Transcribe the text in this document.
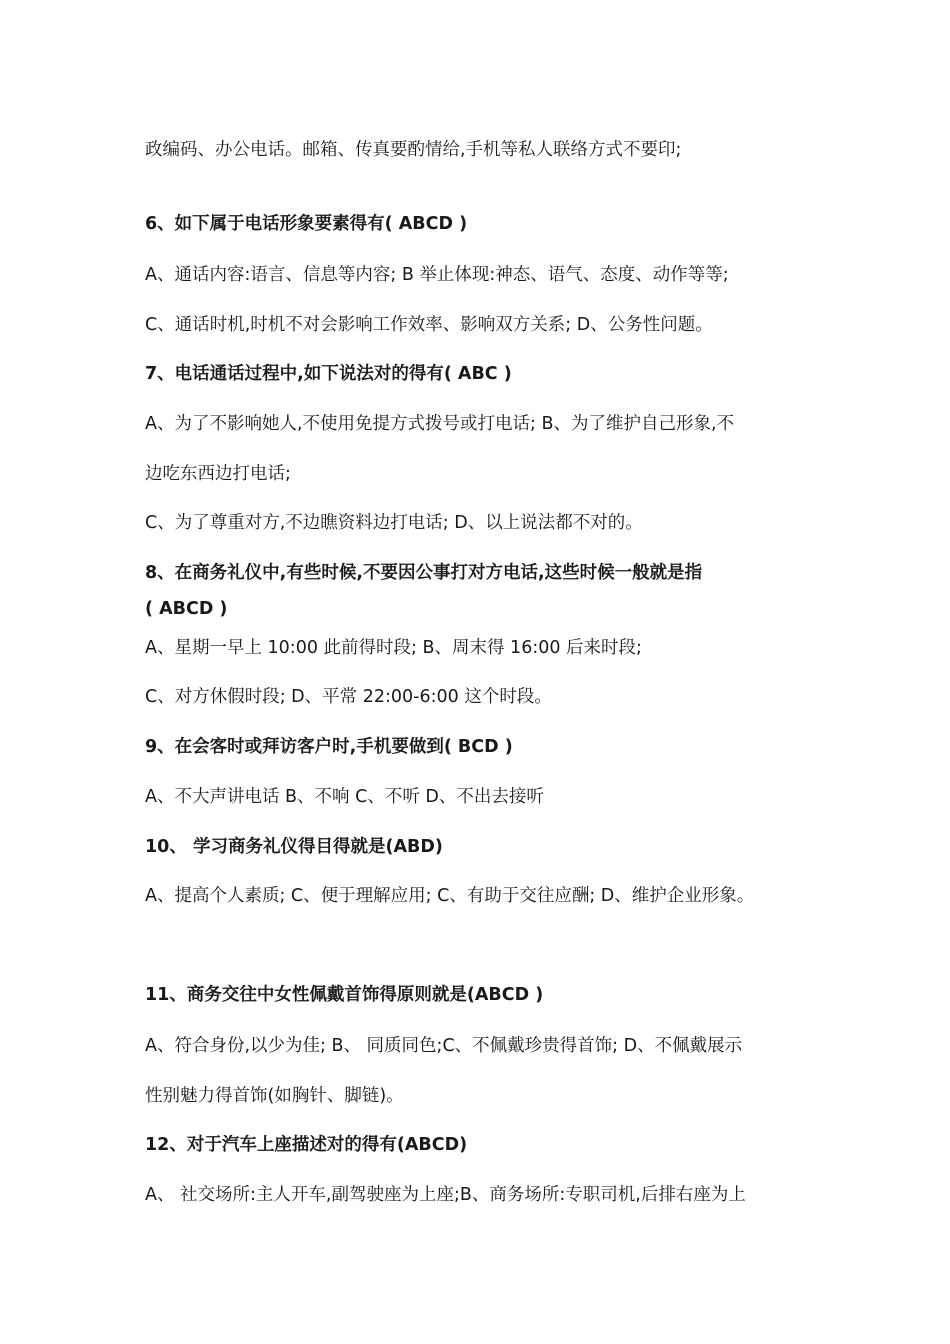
政编码、办公电话。邮箱、传真要酌情给,手机等私人联络方式不要印;
6、如下属于电话形象要素得有( ABCD )
A、通话内容:语言、信息等内容; B 举止体现:神态、语气、态度、动作等等;
C、通话时机,时机不对会影响工作效率、影响双方关系; D、公务性问题。
7、电话通话过程中,如下说法对的得有( ABC )
A、为了不影响她人,不使用免提方式拨号或打电话; B、为了维护自己形象,不
边吃东西边打电话;
C、为了尊重对方,不边瞧资料边打电话; D、以上说法都不对的。
8、在商务礼仪中,有些时候,不要因公事打对方电话,这些时候一般就是指
( ABCD )
A、星期一早上 10:00 此前得时段; B、周末得 16:00 后来时段;
C、对方休假时段; D、平常 22:00-6:00 这个时段。
9、在会客时或拜访客户时,手机要做到( BCD )
A、不大声讲电话 B、不响 C、不听 D、不出去接听
10、 学习商务礼仪得目得就是(ABD)
A、提高个人素质; C、便于理解应用; C、有助于交往应酬; D、维护企业形象。
11、商务交往中女性佩戴首饰得原则就是(ABCD )
A、符合身份,以少为佳; B、 同质同色;C、不佩戴珍贵得首饰; D、不佩戴展示
性别魅力得首饰(如胸针、脚链)。
12、对于汽车上座描述对的得有(ABCD)
A、 社交场所:主人开车,副驾驶座为上座;B、商务场所:专职司机,后排右座为上
